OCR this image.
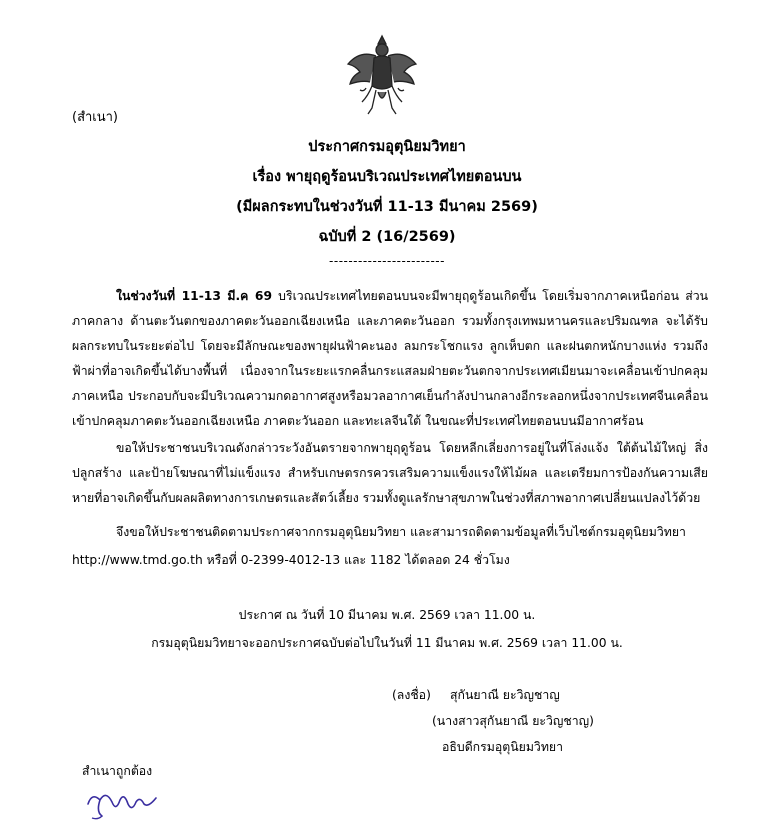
(สำเนา)
ประกาศกรมอุตุนิยมวิทยา
เรื่อง พายุฤดูร้อนบริเวณประเทศไทยตอนบน
(มีผลกระทบในช่วงวันที่ 11-13 มีนาคม 2569)
ฉบับที่ 2 (16/2569)
------------------------
ในช่วงวันที่ 11-13 มี.ค 69 บริเวณประเทศไทยตอนบนจะมีพายุฤดูร้อนเกิดขึ้น โดยเริ่มจากภาคเหนือก่อน ส่วนภาคกลาง ด้านตะวันตกของภาคตะวันออกเฉียงเหนือ และภาคตะวันออก รวมทั้งกรุงเทพมหานครและปริมณฑล จะได้รับผลกระทบในระยะต่อไป โดยจะมีลักษณะของพายุฝนฟ้าคะนอง ลมกระโชกแรง ลูกเห็บตก และฝนตกหนักบางแห่ง รวมถึงฟ้าผ่าที่อาจเกิดขึ้นได้บางพื้นที่ เนื่องจากในระยะแรกคลื่นกระแสลมฝ่ายตะวันตกจากประเทศเมียนมาจะเคลื่อนเข้าปกคลุมภาคเหนือ ประกอบกับจะมีบริเวณความกดอากาศสูงหรือมวลอากาศเย็นกำลังปานกลางอีกระลอกหนึ่งจากประเทศจีนเคลื่อนเข้าปกคลุมภาคตะวันออกเฉียงเหนือ ภาคตะวันออก และทะเลจีนใต้ ในขณะที่ประเทศไทยตอนบนมีอากาศร้อน
ขอให้ประชาชนบริเวณดังกล่าวระวังอันตรายจากพายุฤดูร้อน โดยหลีกเลี่ยงการอยู่ในที่โล่งแจ้ง ใต้ต้นไม้ใหญ่ สิ่งปลูกสร้าง และป้ายโฆษณาที่ไม่แข็งแรง สำหรับเกษตรกรควรเสริมความแข็งแรงให้ไม้ผล และเตรียมการป้องกันความเสียหายที่อาจเกิดขึ้นกับผลผลิตทางการเกษตรและสัตว์เลี้ยง รวมทั้งดูแลรักษาสุขภาพในช่วงที่สภาพอากาศเปลี่ยนแปลงไว้ด้วย
จึงขอให้ประชาชนติดตามประกาศจากกรมอุตุนิยมวิทยา และสามารถติดตามข้อมูลที่เว็บไซต์กรมอุตุนิยมวิทยา
http://www.tmd.go.th หรือที่ 0-2399-4012-13 และ 1182 ได้ตลอด 24 ชั่วโมง
ประกาศ ณ วันที่ 10 มีนาคม พ.ศ. 2569 เวลา 11.00 น.
กรมอุตุนิยมวิทยาจะออกประกาศฉบับต่อไปในวันที่ 11 มีนาคม พ.ศ. 2569 เวลา 11.00 น.
(ลงชื่อ) สุกันยาณี ยะวิญชาญ
(นางสาวสุกันยาณี ยะวิญชาญ)
อธิบดีกรมอุตุนิยมวิทยา
สำเนาถูกต้อง
